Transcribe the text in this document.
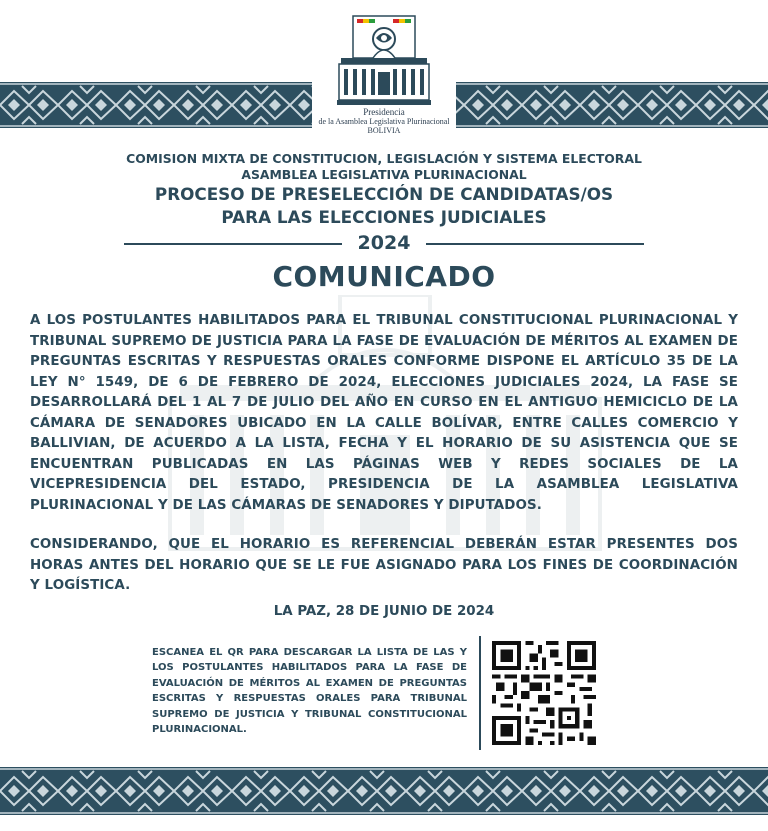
Presidencia
de la Asamblea Legislativa Plurinacional
BOLIVIA
COMISION MIXTA DE CONSTITUCION, LEGISLACIÓN Y SISTEMA ELECTORAL
ASAMBLEA LEGISLATIVA PLURINACIONAL
PROCESO DE PRESELECCIÓN DE CANDIDATAS/OS
PARA LAS ELECCIONES JUDICIALES
2024
COMUNICADO
A LOS POSTULANTES HABILITADOS PARA EL TRIBUNAL CONSTITUCIONAL PLURINACIONAL Y TRIBUNAL SUPREMO DE JUSTICIA PARA LA FASE DE EVALUACIÓN DE MÉRITOS AL EXAMEN DE PREGUNTAS ESCRITAS Y RESPUESTAS ORALES CONFORME DISPONE EL ARTÍCULO 35 DE LA LEY N° 1549, DE 6 DE FEBRERO DE 2024, ELECCIONES JUDICIALES 2024, LA FASE SE DESARROLLARÁ DEL 1 AL 7 DE JULIO DEL AÑO EN CURSO EN EL ANTIGUO HEMICICLO DE LA CÁMARA DE SENADORES UBICADO EN LA CALLE BOLÍVAR, ENTRE CALLES COMERCIO Y BALLIVIAN, DE ACUERDO A LA LISTA, FECHA Y EL HORARIO DE SU ASISTENCIA QUE SE ENCUENTRAN PUBLICADAS EN LAS PÁGINAS WEB Y REDES SOCIALES DE LA VICEPRESIDENCIA DEL ESTADO, PRESIDENCIA DE LA ASAMBLEA LEGISLATIVA PLURINACIONAL Y DE LAS CÁMARAS DE SENADORES Y DIPUTADOS.
CONSIDERANDO, QUE EL HORARIO ES REFERENCIAL DEBERÁN ESTAR PRESENTES DOS HORAS ANTES DEL HORARIO QUE SE LE FUE ASIGNADO PARA LOS FINES DE COORDINACIÓN Y LOGÍSTICA.
LA PAZ, 28 DE JUNIO DE 2024
ESCANEA EL QR PARA DESCARGAR LA LISTA DE LAS Y LOS POSTULANTES HABILITADOS PARA LA FASE DE EVALUACIÓN DE MÉRITOS AL EXAMEN DE PREGUNTAS ESCRITAS Y RESPUESTAS ORALES PARA TRIBUNAL SUPREMO DE JUSTICIA Y TRIBUNAL CONSTITUCIONAL PLURINACIONAL.
